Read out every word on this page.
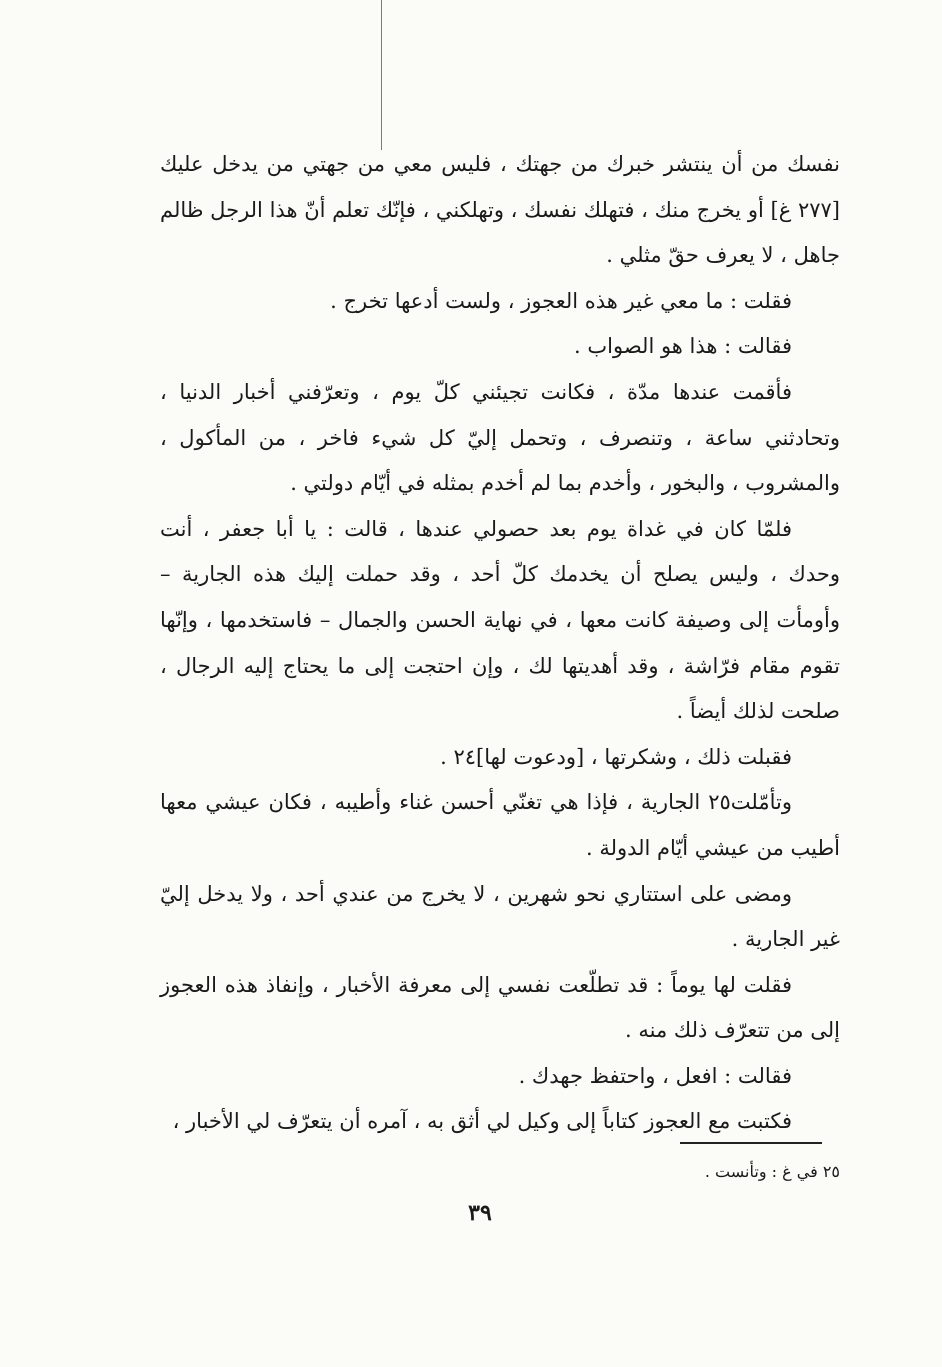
نفسك من أن ينتشر خبرك من جهتك ، فليس معي من جهتي من يدخل عليك [٢٧٧ غ] أو يخرج منك ، فتهلك نفسك ، وتهلكني ، فإنّك تعلم أنّ هذا الرجل ظالم جاهل ، لا يعرف حقّ مثلي .

فقلت : ما معي غير هذه العجوز ، ولست أدعها تخرج .

فقالت : هذا هو الصواب .

فأقمت عندها مدّة ، فكانت تجيئني كلّ يوم ، وتعرّفني أخبار الدنيا ، وتحادثني ساعة ، وتنصرف ، وتحمل إليّ كل شيء فاخر ، من المأكول ، والمشروب ، والبخور ، وأخدم بما لم أخدم بمثله في أيّام دولتي .

فلمّا كان في غداة يوم بعد حصولي عندها ، قالت : يا أبا جعفر ، أنت وحدك ، وليس يصلح أن يخدمك كلّ أحد ، وقد حملت إليك هذه الجارية – وأومأت إلى وصيفة كانت معها ، في نهاية الحسن والجمال – فاستخدمها ، وإنّها تقوم مقام فرّاشة ، وقد أهديتها لك ، وإن احتجت إلى ما يحتاج إليه الرجال ، صلحت لذلك أيضاً .

فقبلت ذلك ، وشكرتها ، [ودعوت لها]٢٤ .

وتأمّلت٢٥ الجارية ، فإذا هي تغنّي أحسن غناء وأطيبه ، فكان عيشي معها أطيب من عيشي أيّام الدولة .

ومضى على استتاري نحو شهرين ، لا يخرج من عندي أحد ، ولا يدخل إليّ غير الجارية .

فقلت لها يوماً : قد تطلّعت نفسي إلى معرفة الأخبار ، وإنفاذ هذه العجوز إلى من تتعرّف ذلك منه .

فقالت : افعل ، واحتفظ جهدك .

فكتبت مع العجوز كتاباً إلى وكيل لي أثق به ، آمره أن يتعرّف لي الأخبار ،

٢٥ في غ : وتأنست .
٣٩
